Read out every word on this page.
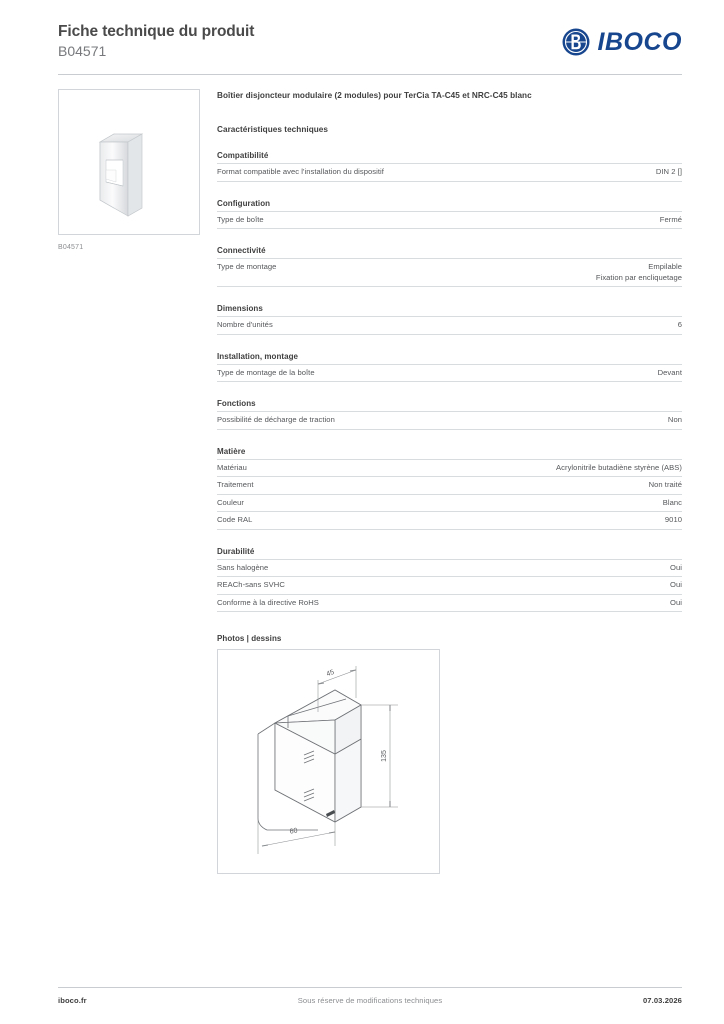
Fiche technique du produit
B04571	IBOCO
B04571
Boîtier disjoncteur modulaire (2 modules) pour TerCia TA-C45 et NRC-C45 blanc
Caractéristiques techniques
Compatibilité
Format compatible avec l'installation du dispositif	DIN 2 []
Configuration
Type de boîte	Fermé
Connectivité
Type de montage	Empilable
Fixation par encliquetage
Dimensions
Nombre d'unités	6
Installation, montage
Type de montage de la boîte	Devant
Fonctions
Possibilité de décharge de traction	Non
Matière
Matériau	Acrylonitrile butadiène styrène (ABS)
Traitement	Non traité
Couleur	Blanc
Code RAL	9010
Durabilité
Sans halogène	Oui
REACh-sans SVHC	Oui
Conforme à la directive RoHS	Oui
Photos | dessins
45
135
60
Sous réserve de modifications techniques
iboco.fr	07.03.2026
